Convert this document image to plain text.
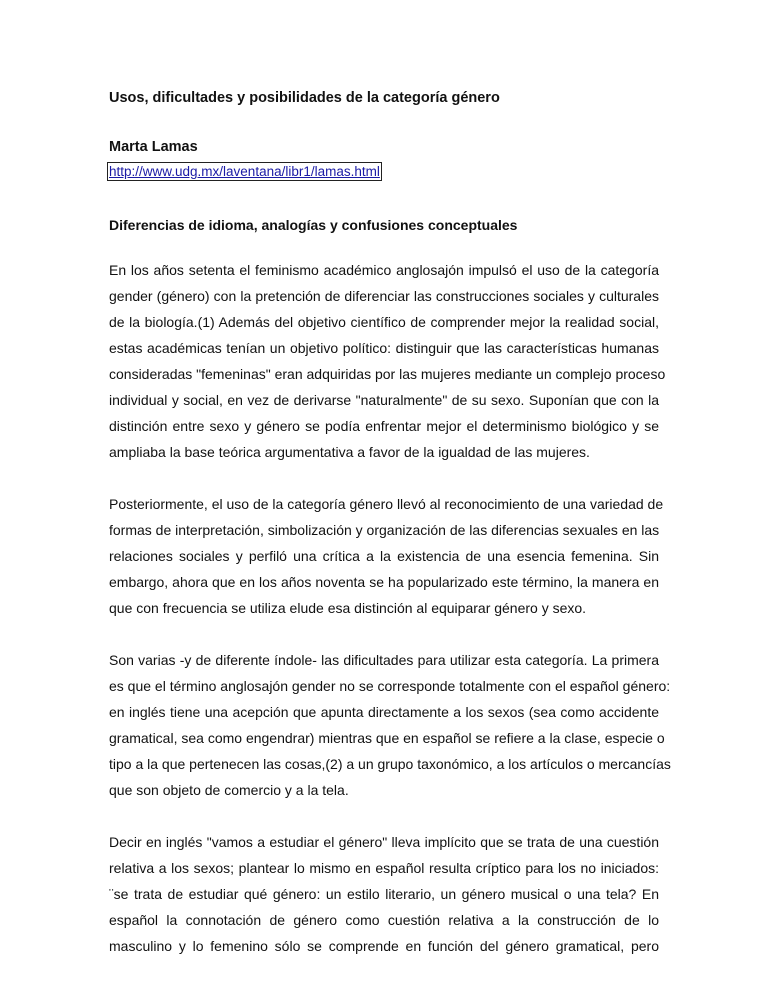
Usos, dificultades y posibilidades de la categoría género
Marta Lamas
http://www.udg.mx/laventana/libr1/lamas.html
Diferencias de idioma, analogías y confusiones conceptuales

En los años setenta el feminismo académico anglosajón impulsó el uso de la categoría
gender (género) con la pretención de diferenciar las construcciones sociales y culturales
de la biología.(1) Además del objetivo científico de comprender mejor la realidad social,
estas académicas tenían un objetivo político: distinguir que las características humanas
consideradas "femeninas" eran adquiridas por las mujeres mediante un complejo proceso
individual y social, en vez de derivarse "naturalmente" de su sexo. Suponían que con la
distinción entre sexo y género se podía enfrentar mejor el determinismo biológico y se
ampliaba la base teórica argumentativa a favor de la igualdad de las mujeres.

Posteriormente, el uso de la categoría género llevó al reconocimiento de una variedad de
formas de interpretación, simbolización y organización de las diferencias sexuales en las
relaciones sociales y perfiló una crítica a la existencia de una esencia femenina. Sin
embargo, ahora que en los años noventa se ha popularizado este término, la manera en
que con frecuencia se utiliza elude esa distinción al equiparar género y sexo.

Son varias -y de diferente índole- las dificultades para utilizar esta categoría. La primera
es que el término anglosajón gender no se corresponde totalmente con el español género:
en inglés tiene una acepción que apunta directamente a los sexos (sea como accidente
gramatical, sea como engendrar) mientras que en español se refiere a la clase, especie o
tipo a la que pertenecen las cosas,(2) a un grupo taxonómico, a los artículos o mercancías
que son objeto de comercio y a la tela.

Decir en inglés "vamos a estudiar el género" lleva implícito que se trata de una cuestión
relativa a los sexos; plantear lo mismo en español resulta críptico para los no iniciados:
¨se trata de estudiar qué género: un estilo literario, un género musical o una tela? En
español la connotación de género como cuestión relativa a la construcción de lo
masculino y lo femenino sólo se comprende en función del género gramatical, pero
